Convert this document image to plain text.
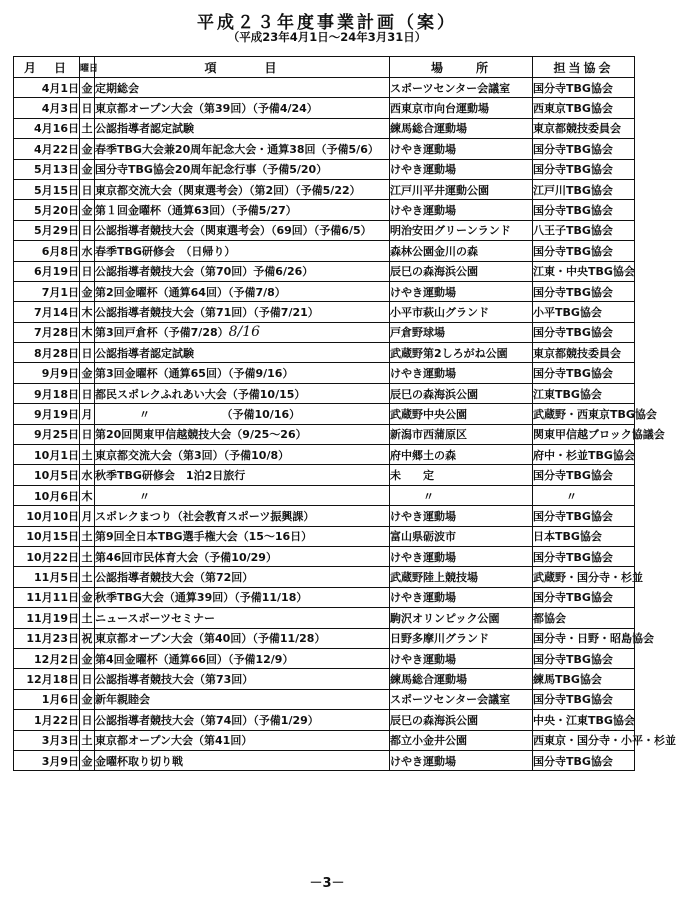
平成２３年度事業計画（案）
（平成23年4月1日～24年3月31日）
月　日	曜日	項　　　目	場　　所	担当協会
4月1日	金	定期総会	スポーツセンター会議室	国分寺TBG協会
4月3日	日	東京都オープン大会（第39回）（予備4/24）	西東京市向台運動場	西東京TBG協会
4月16日	土	公認指導者認定試験	練馬総合運動場	東京都競技委員会
4月22日	金	春季TBG大会兼20周年記念大会・通算38回（予備5/6）	けやき運動場	国分寺TBG協会
5月13日	金	国分寺TBG協会20周年記念行事（予備5/20）	けやき運動場	国分寺TBG協会
5月15日	日	東京都交流大会（関東選考会）（第2回）（予備5/22）	江戸川平井運動公園	江戸川TBG協会
5月20日	金	第１回金曜杯（通算63回）（予備5/27）	けやき運動場	国分寺TBG協会
5月29日	日	公認指導者競技大会（関東選考会）（69回）（予備6/5）	明治安田グリーンランド	八王子TBG協会
6月8日	水	春季TBG研修会　（日帰り）	森林公園金川の森	国分寺TBG協会
6月19日	日	公認指導者競技大会（第70回）予備6/26）	辰巳の森海浜公園	江東・中央TBG協会
7月1日	金	第2回金曜杯（通算64回）（予備7/8）	けやき運動場	国分寺TBG協会
7月14日	木	公認指導者競技大会（第71回）（予備7/21）	小平市萩山グランド	小平TBG協会
7月28日	木	第3回戸倉杯（予備7/28）8/16	戸倉野球場	国分寺TBG協会
8月28日	日	公認指導者認定試験	武蔵野第2しろがね公園	東京都競技委員会
9月9日	金	第3回金曜杯（通算65回）（予備9/16）	けやき運動場	国分寺TBG協会
9月18日	日	都民スポレクふれあい大会（予備10/15）	辰巳の森海浜公園	江東TBG協会
9月19日	月	　　　　〃　　　　　　　（予備10/16）	武蔵野中央公園	武蔵野・西東京TBG協会
9月25日	日	第20回関東甲信越競技大会（9/25～26）	新潟市西蒲原区	関東甲信越ブロック協議会
10月1日	土	東京都交流大会（第3回）（予備10/8）	府中郷土の森	府中・杉並TBG協会
10月5日	水	秋季TBG研修会　1泊2日旅行	未　　定	国分寺TBG協会
10月6日	木	　　　　〃	　　　〃	　　　〃
10月10日	月	スポレクまつり（社会教育スポーツ振興課）	けやき運動場	国分寺TBG協会
10月15日	土	第9回全日本TBG選手権大会（15～16日）	富山県砺波市	日本TBG協会
10月22日	土	第46回市民体育大会（予備10/29）	けやき運動場	国分寺TBG協会
11月5日	土	公認指導者競技大会（第72回）	武蔵野陸上競技場	武蔵野・国分寺・杉並
11月11日	金	秋季TBG大会（通算39回）（予備11/18）	けやき運動場	国分寺TBG協会
11月19日	土	ニュースポーツセミナー	駒沢オリンピック公園	都協会
11月23日	祝	東京都オープン大会（第40回）（予備11/28）	日野多摩川グランド	国分寺・日野・昭島協会
12月2日	金	第4回金曜杯（通算66回）（予備12/9）	けやき運動場	国分寺TBG協会
12月18日	日	公認指導者競技大会（第73回）	練馬総合運動場	練馬TBG協会
1月6日	金	新年親睦会	スポーツセンター会議室	国分寺TBG協会
1月22日	日	公認指導者競技大会（第74回）（予備1/29）	辰巳の森海浜公園	中央・江東TBG協会
3月3日	土	東京都オープン大会（第41回）	都立小金井公園	西東京・国分寺・小平・杉並
3月9日	金	金曜杯取り切り戦	けやき運動場	国分寺TBG協会
－3－
